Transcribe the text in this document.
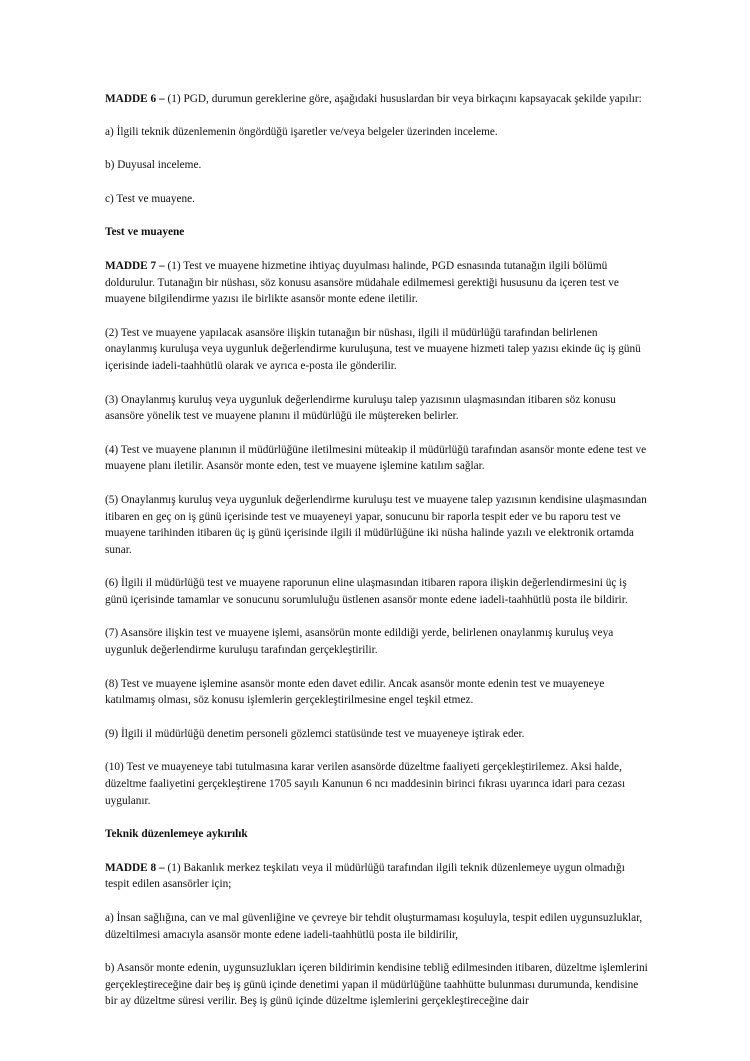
MADDE 6 – (1) PGD, durumun gereklerine göre, aşağıdaki hususlardan bir veya birkaçını kapsayacak şekilde yapılır:

a) İlgili teknik düzenlemenin öngördüğü işaretler ve/veya belgeler üzerinden inceleme.

b) Duyusal inceleme.

c) Test ve muayene.

Test ve muayene

MADDE 7 – (1) Test ve muayene hizmetine ihtiyaç duyulması halinde, PGD esnasında tutanağın ilgili bölümü doldurulur. Tutanağın bir nüshası, söz konusu asansöre müdahale edilmemesi gerektiği hususunu da içeren test ve muayene bilgilendirme yazısı ile birlikte asansör monte edene iletilir.

(2) Test ve muayene yapılacak asansöre ilişkin tutanağın bir nüshası, ilgili il müdürlüğü tarafından belirlenen onaylanmış kuruluşa veya uygunluk değerlendirme kuruluşuna, test ve muayene hizmeti talep yazısı ekinde üç iş günü içerisinde iadeli-taahhütlü olarak ve ayrıca e-posta ile gönderilir.

(3) Onaylanmış kuruluş veya uygunluk değerlendirme kuruluşu talep yazısının ulaşmasından itibaren söz konusu asansöre yönelik test ve muayene planını il müdürlüğü ile müştereken belirler.

(4) Test ve muayene planının il müdürlüğüne iletilmesini müteakip il müdürlüğü tarafından asansör monte edene test ve muayene planı iletilir. Asansör monte eden, test ve muayene işlemine katılım sağlar.

(5) Onaylanmış kuruluş veya uygunluk değerlendirme kuruluşu test ve muayene talep yazısının kendisine ulaşmasından itibaren en geç on iş günü içerisinde test ve muayeneyi yapar, sonucunu bir raporla tespit eder ve bu raporu test ve muayene tarihinden itibaren üç iş günü içerisinde ilgili il müdürlüğüne iki nüsha halinde yazılı ve elektronik ortamda sunar.

(6) İlgili il müdürlüğü test ve muayene raporunun eline ulaşmasından itibaren rapora ilişkin değerlendirmesini üç iş günü içerisinde tamamlar ve sonucunu sorumluluğu üstlenen asansör monte edene iadeli-taahhütlü posta ile bildirir.

(7) Asansöre ilişkin test ve muayene işlemi, asansörün monte edildiği yerde, belirlenen onaylanmış kuruluş veya uygunluk değerlendirme kuruluşu tarafından gerçekleştirilir.

(8) Test ve muayene işlemine asansör monte eden davet edilir. Ancak asansör monte edenin test ve muayeneye katılmamış olması, söz konusu işlemlerin gerçekleştirilmesine engel teşkil etmez.

(9) İlgili il müdürlüğü denetim personeli gözlemci statüsünde test ve muayeneye iştirak eder.

(10) Test ve muayeneye tabi tutulmasına karar verilen asansörde düzeltme faaliyeti gerçekleştirilemez. Aksi halde, düzeltme faaliyetini gerçekleştirene 1705 sayılı Kanunun 6 ncı maddesinin birinci fıkrası uyarınca idari para cezası uygulanır.

Teknik düzenlemeye aykırılık

MADDE 8 – (1) Bakanlık merkez teşkilatı veya il müdürlüğü tarafından ilgili teknik düzenlemeye uygun olmadığı tespit edilen asansörler için;

a) İnsan sağlığına, can ve mal güvenliğine ve çevreye bir tehdit oluşturmaması koşuluyla, tespit edilen uygunsuzluklar, düzeltilmesi amacıyla asansör monte edene iadeli-taahhütlü posta ile bildirilir,

b) Asansör monte edenin, uygunsuzlukları içeren bildirimin kendisine tebliğ edilmesinden itibaren, düzeltme işlemlerini gerçekleştireceğine dair beş iş günü içinde denetimi yapan il müdürlüğüne taahhütte bulunması durumunda, kendisine bir ay düzeltme süresi verilir. Beş iş günü içinde düzeltme işlemlerini gerçekleştireceğine dair
